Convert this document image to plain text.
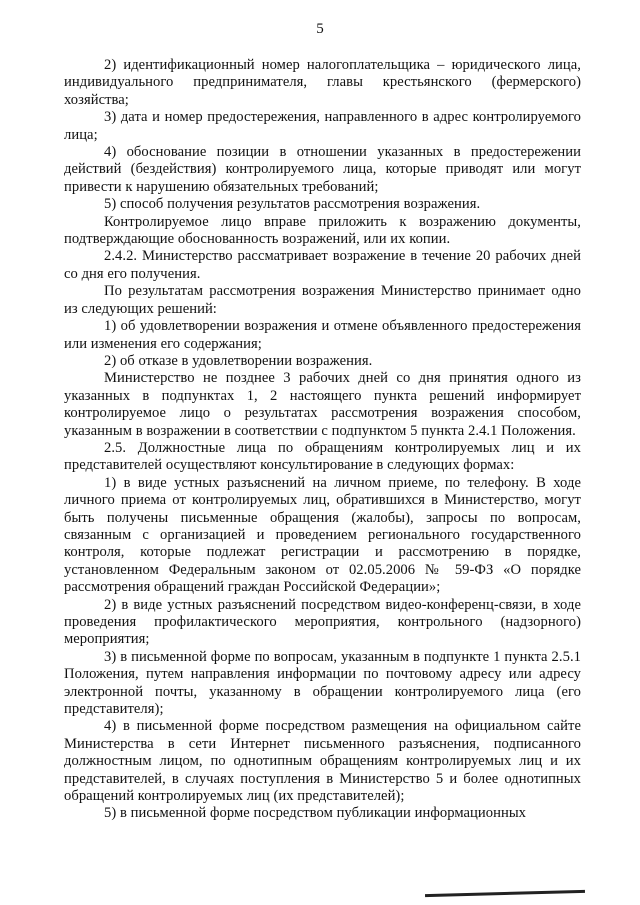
5

2) идентификационный номер налогоплательщика – юридического лица, индивидуального предпринимателя, главы крестьянского (фермерского) хозяйства;

3) дата и номер предостережения, направленного в адрес контролируемого лица;

4) обоснование позиции в отношении указанных в предостережении действий (бездействия) контролируемого лица, которые приводят или могут привести к нарушению обязательных требований;

5) способ получения результатов рассмотрения возражения.

Контролируемое лицо вправе приложить к возражению документы, подтверждающие обоснованность возражений, или их копии.

2.4.2. Министерство рассматривает возражение в течение 20 рабочих дней со дня его получения.

По результатам рассмотрения возражения Министерство принимает одно из следующих решений:

1) об удовлетворении возражения и отмене объявленного предостережения или изменения его содержания;

2) об отказе в удовлетворении возражения.

Министерство не позднее 3 рабочих дней со дня принятия одного из указанных в подпунктах 1, 2 настоящего пункта решений информирует контролируемое лицо о результатах рассмотрения возражения способом, указанным в возражении в соответствии с подпунктом 5 пункта 2.4.1 Положения.

2.5. Должностные лица по обращениям контролируемых лиц и их представителей осуществляют консультирование в следующих формах:

1) в виде устных разъяснений на личном приеме, по телефону. В ходе личного приема от контролируемых лиц, обратившихся в Министерство, могут быть получены письменные обращения (жалобы), запросы по вопросам, связанным с организацией и проведением регионального государственного контроля, которые подлежат регистрации и рассмотрению в порядке, установленном Федеральным законом от 02.05.2006 № 59-ФЗ «О порядке рассмотрения обращений граждан Российской Федерации»;

2) в виде устных разъяснений посредством видео-конференц-связи, в ходе проведения профилактического мероприятия, контрольного (надзорного) мероприятия;

3) в письменной форме по вопросам, указанным в подпункте 1 пункта 2.5.1 Положения, путем направления информации по почтовому адресу или адресу электронной почты, указанному в обращении контролируемого лица (его представителя);

4) в письменной форме посредством размещения на официальном сайте Министерства в сети Интернет письменного разъяснения, подписанного должностным лицом, по однотипным обращениям контролируемых лиц и их представителей, в случаях поступления в Министерство 5 и более однотипных обращений контролируемых лиц (их представителей);

5) в письменной форме посредством публикации информационных
